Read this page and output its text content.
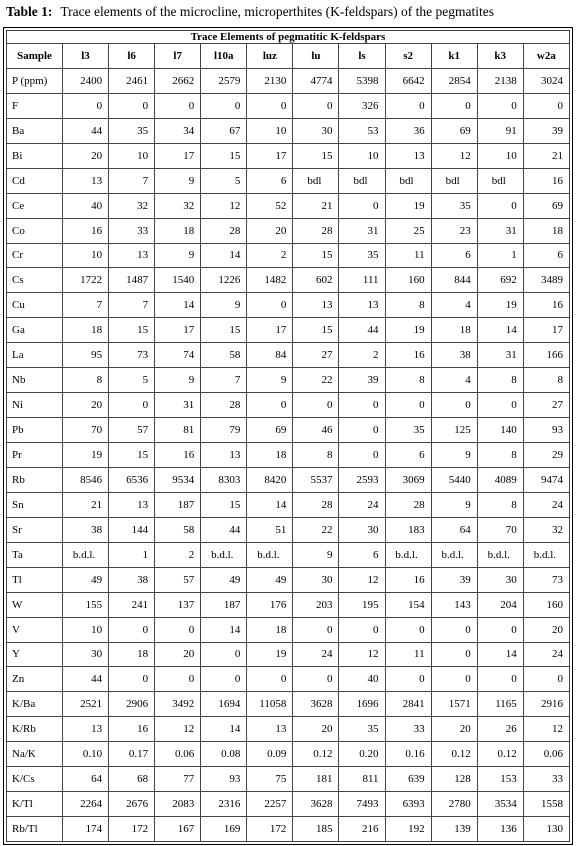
Table 1: Trace elements of the microcline, microperthites (K-feldspars) of the pegmatites
Trace Elements of pegmatitic K-feldspars											
Sample	l3	l6	l7	l10a	luz	lu	ls	s2	k1	k3	w2a
P (ppm)	2400	2461	2662	2579	2130	4774	5398	6642	2854	2138	3024
F	0	0	0	0	0	0	326	0	0	0	0
Ba	44	35	34	67	10	30	53	36	69	91	39
Bi	20	10	17	15	17	15	10	13	12	10	21
Cd	13	7	9	5	6	bdl	bdl	bdl	bdl	bdl	16
Ce	40	32	32	12	52	21	0	19	35	0	69
Co	16	33	18	28	20	28	31	25	23	31	18
Cr	10	13	9	14	2	15	35	11	6	1	6
Cs	1722	1487	1540	1226	1482	602	111	160	844	692	3489
Cu	7	7	14	9	0	13	13	8	4	19	16
Ga	18	15	17	15	17	15	44	19	18	14	17
La	95	73	74	58	84	27	2	16	38	31	166
Nb	8	5	9	7	9	22	39	8	4	8	8
Ni	20	0	31	28	0	0	0	0	0	0	27
Pb	70	57	81	79	69	46	0	35	125	140	93
Pr	19	15	16	13	18	8	0	6	9	8	29
Rb	8546	6536	9534	8303	8420	5537	2593	3069	5440	4089	9474
Sn	21	13	187	15	14	28	24	28	9	8	24
Sr	38	144	58	44	51	22	30	183	64	70	32
Ta	b.d.l.	1	2	b.d.l.	b.d.l.	9	6	b.d.l.	b.d.l.	b.d.l.	b.d.l.
Tl	49	38	57	49	49	30	12	16	39	30	73
W	155	241	137	187	176	203	195	154	143	204	160
V	10	0	0	14	18	0	0	0	0	0	20
Y	30	18	20	0	19	24	12	11	0	14	24
Zn	44	0	0	0	0	0	40	0	0	0	0
K/Ba	2521	2906	3492	1694	11058	3628	1696	2841	1571	1165	2916
K/Rb	13	16	12	14	13	20	35	33	20	26	12
Na/K	0.10	0.17	0.06	0.08	0.09	0.12	0.20	0.16	0.12	0.12	0.06
K/Cs	64	68	77	93	75	181	811	639	128	153	33
K/Tl	2264	2676	2083	2316	2257	3628	7493	6393	2780	3534	1558
Rb/Tl	174	172	167	169	172	185	216	192	139	136	130
